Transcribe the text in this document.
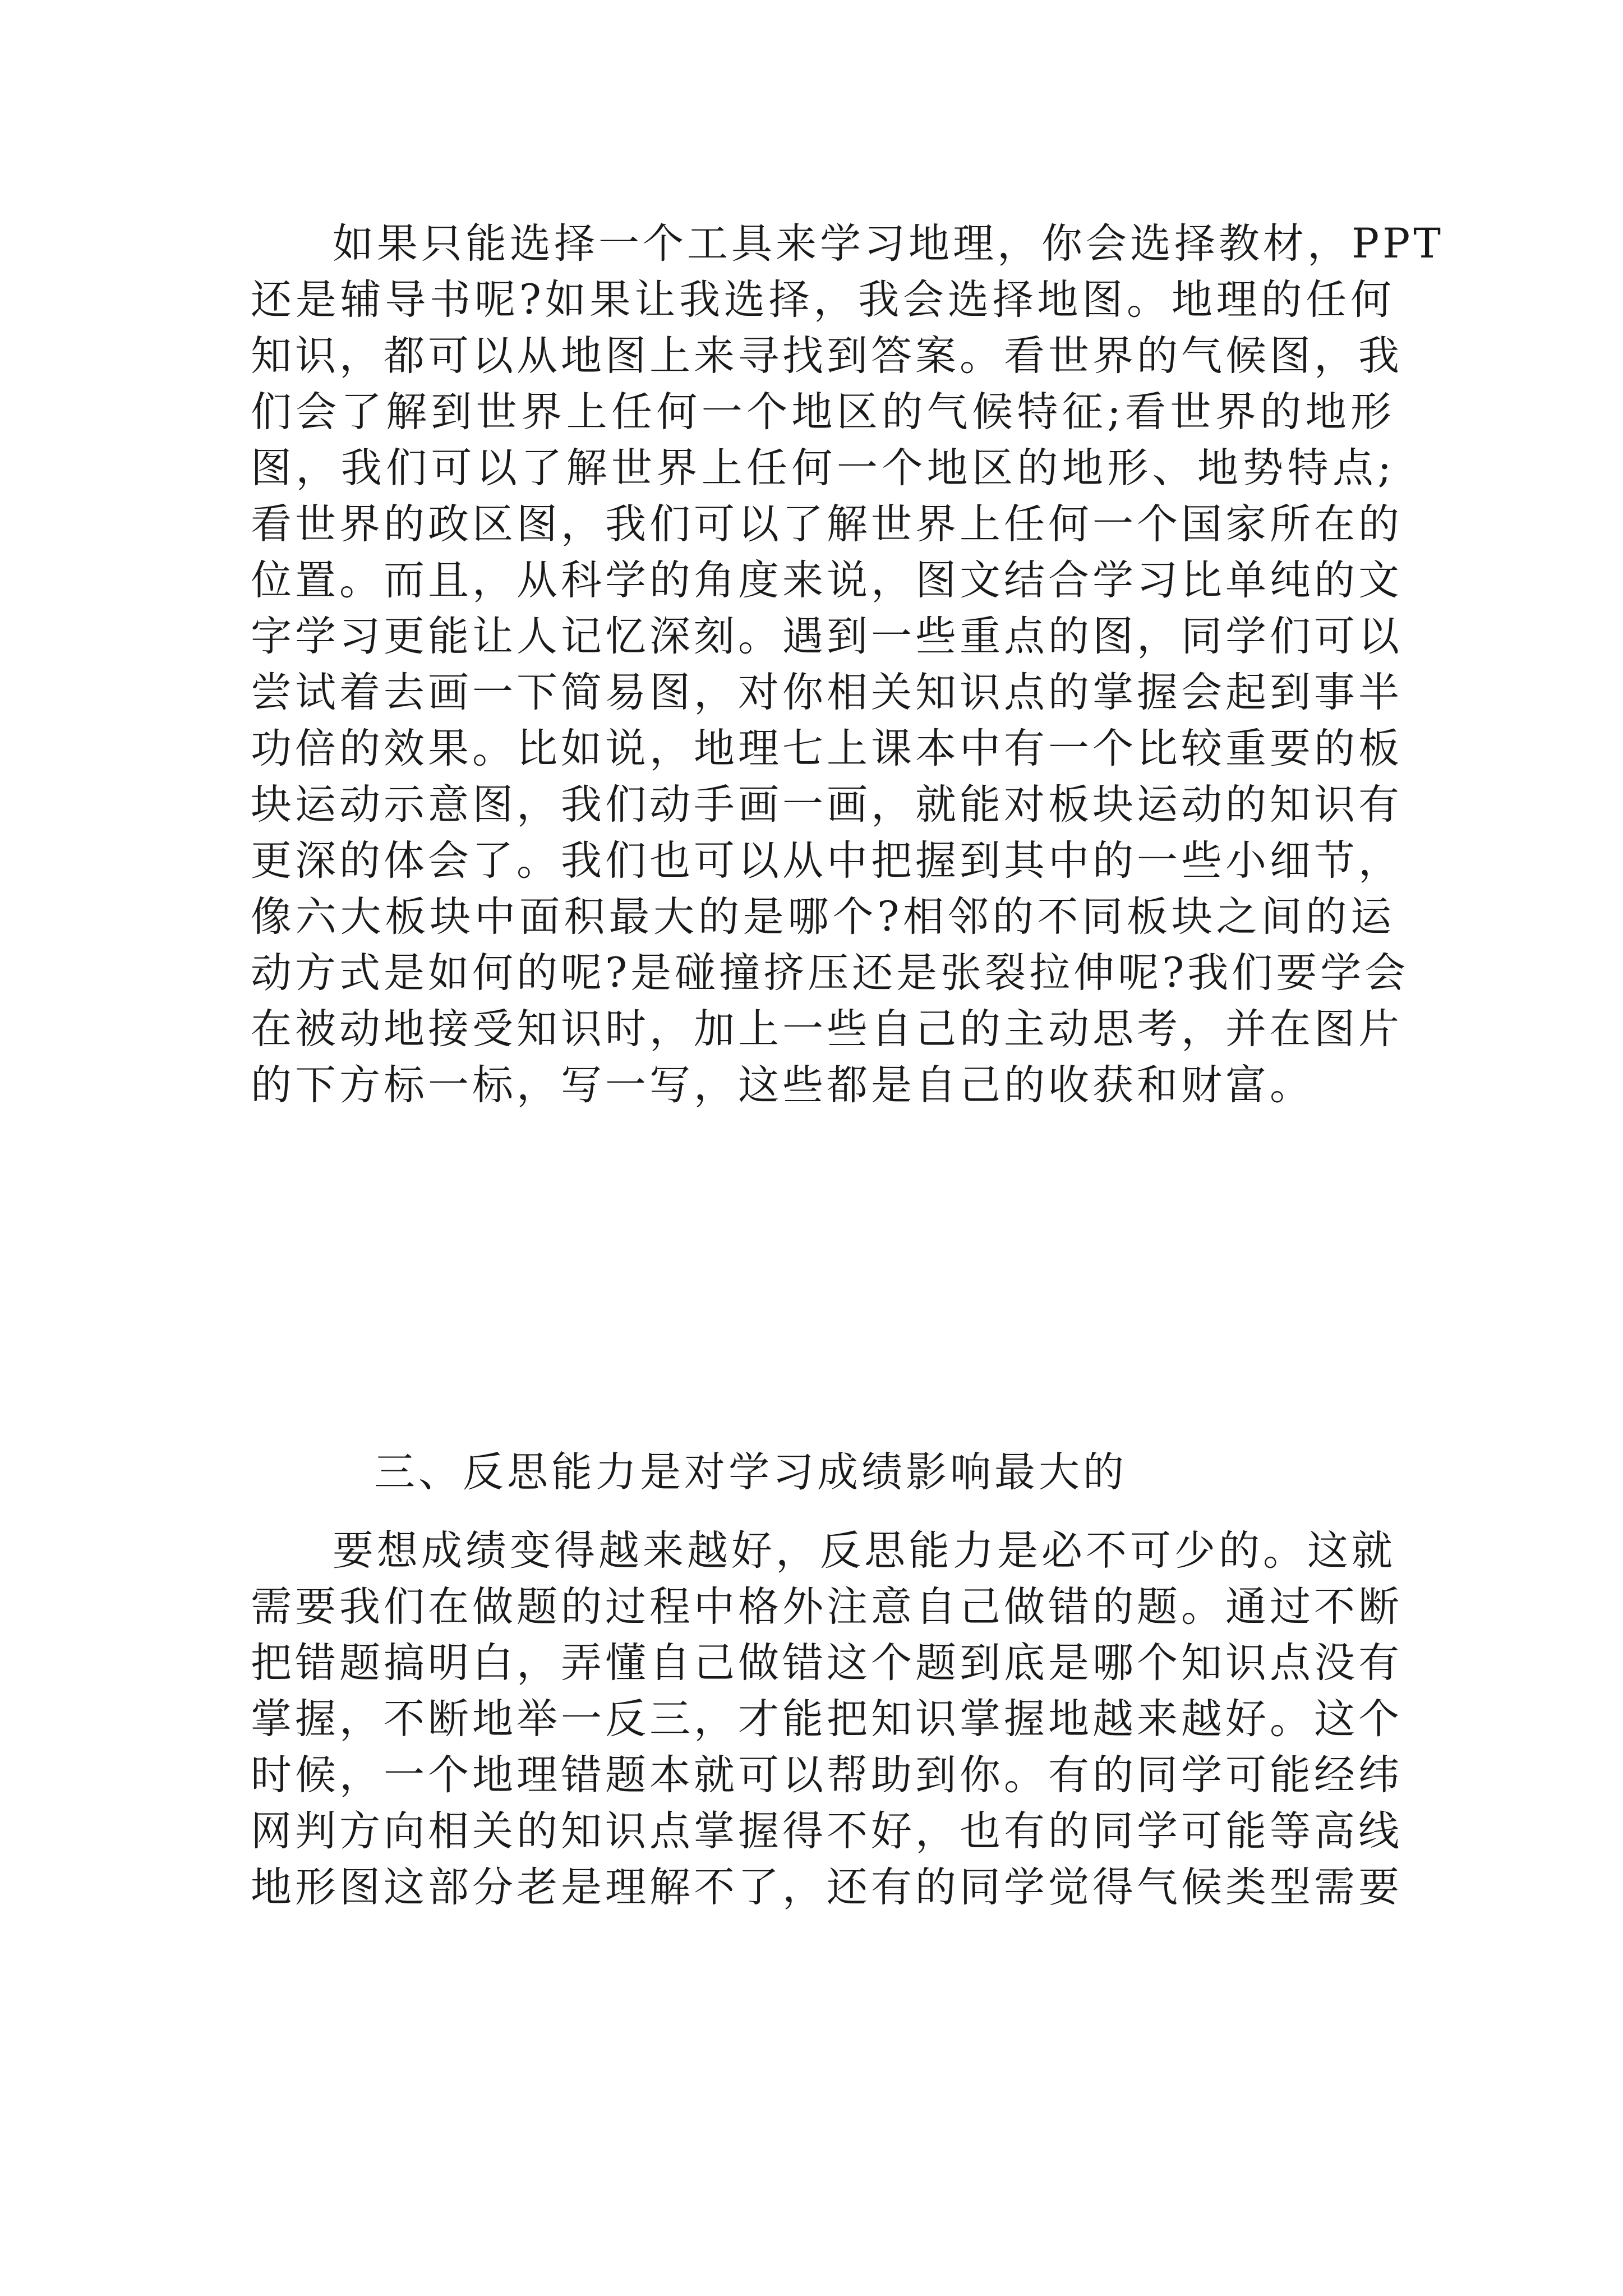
如果只能选择一个工具来学习地理，你会选择教材，PPT
还是辅导书呢?如果让我选择，我会选择地图。地理的任何
知识，都可以从地图上来寻找到答案。看世界的气候图，我
们会了解到世界上任何一个地区的气候特征;看世界的地形
图，我们可以了解世界上任何一个地区的地形、地势特点;
看世界的政区图，我们可以了解世界上任何一个国家所在的
位置。而且，从科学的角度来说，图文结合学习比单纯的文
字学习更能让人记忆深刻。遇到一些重点的图，同学们可以
尝试着去画一下简易图，对你相关知识点的掌握会起到事半
功倍的效果。比如说，地理七上课本中有一个比较重要的板
块运动示意图，我们动手画一画，就能对板块运动的知识有
更深的体会了。我们也可以从中把握到其中的一些小细节，
像六大板块中面积最大的是哪个?相邻的不同板块之间的运
动方式是如何的呢?是碰撞挤压还是张裂拉伸呢?我们要学会
在被动地接受知识时，加上一些自己的主动思考，并在图片
的下方标一标，写一写，这些都是自己的收获和财富。
三、反思能力是对学习成绩影响最大的
要想成绩变得越来越好，反思能力是必不可少的。这就
需要我们在做题的过程中格外注意自己做错的题。通过不断
把错题搞明白，弄懂自己做错这个题到底是哪个知识点没有
掌握，不断地举一反三，才能把知识掌握地越来越好。这个
时候，一个地理错题本就可以帮助到你。有的同学可能经纬
网判方向相关的知识点掌握得不好，也有的同学可能等高线
地形图这部分老是理解不了，还有的同学觉得气候类型需要
